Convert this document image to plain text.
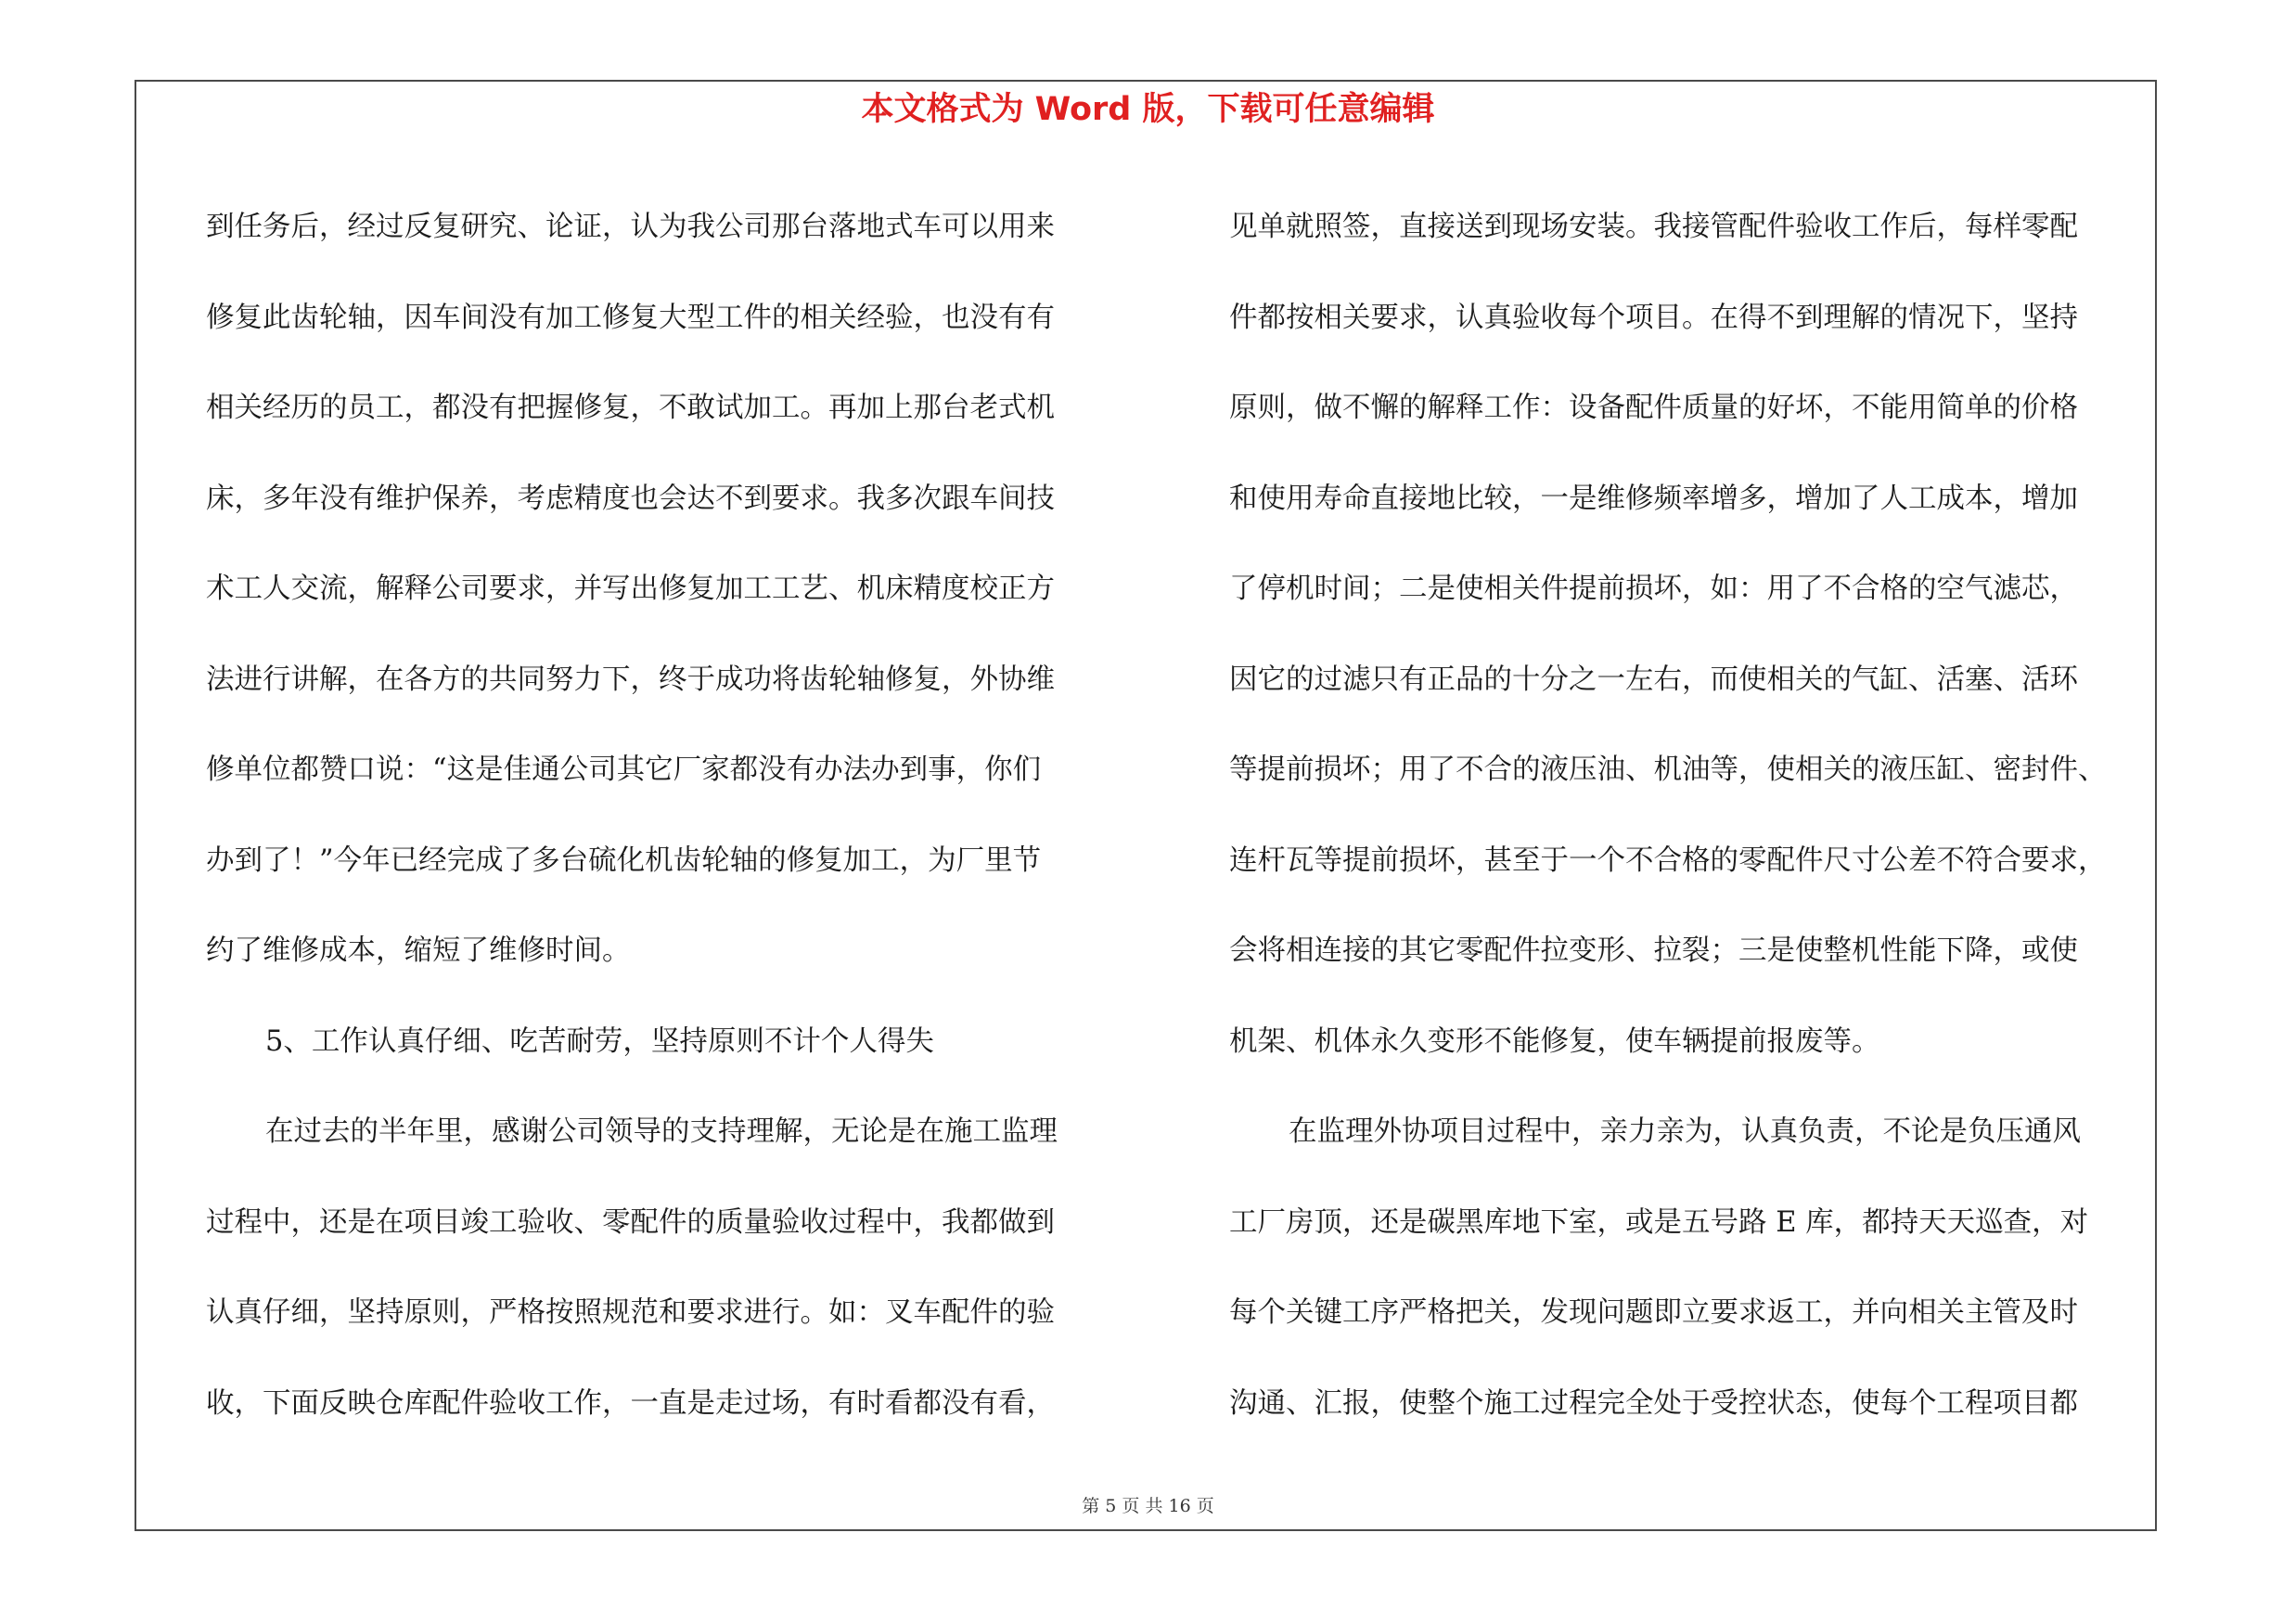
本文格式为 Word 版，下载可任意编辑
到任务后，经过反复研究、论证，认为我公司那台落地式车可以用来
修复此齿轮轴，因车间没有加工修复大型工件的相关经验，也没有有
相关经历的员工，都没有把握修复，不敢试加工。再加上那台老式机
床，多年没有维护保养，考虑精度也会达不到要求。我多次跟车间技
术工人交流，解释公司要求，并写出修复加工工艺、机床精度校正方
法进行讲解，在各方的共同努力下，终于成功将齿轮轴修复，外协维
修单位都赞口说：“这是佳通公司其它厂家都没有办法办到事，你们
办到了！”今年已经完成了多台硫化机齿轮轴的修复加工，为厂里节
约了维修成本，缩短了维修时间。
5、工作认真仔细、吃苦耐劳，坚持原则不计个人得失
在过去的半年里，感谢公司领导的支持理解，无论是在施工监理
过程中，还是在项目竣工验收、零配件的质量验收过程中，我都做到
认真仔细，坚持原则，严格按照规范和要求进行。如：叉车配件的验
收，下面反映仓库配件验收工作，一直是走过场，有时看都没有看，
见单就照签，直接送到现场安装。我接管配件验收工作后，每样零配
件都按相关要求，认真验收每个项目。在得不到理解的情况下，坚持
原则，做不懈的解释工作：设备配件质量的好坏，不能用简单的价格
和使用寿命直接地比较，一是维修频率增多，增加了人工成本，增加
了停机时间；二是使相关件提前损坏，如：用了不合格的空气滤芯，
因它的过滤只有正品的十分之一左右，而使相关的气缸、活塞、活环
等提前损坏；用了不合的液压油、机油等，使相关的液压缸、密封件、
连杆瓦等提前损坏，甚至于一个不合格的零配件尺寸公差不符合要求，
会将相连接的其它零配件拉变形、拉裂；三是使整机性能下降，或使
机架、机体永久变形不能修复，使车辆提前报废等。
在监理外协项目过程中，亲力亲为，认真负责，不论是负压通风
工厂房顶，还是碳黑库地下室，或是五号路 E 库，都持天天巡查，对
每个关键工序严格把关，发现问题即立要求返工，并向相关主管及时
沟通、汇报，使整个施工过程完全处于受控状态，使每个工程项目都
第 5 页 共 16 页
